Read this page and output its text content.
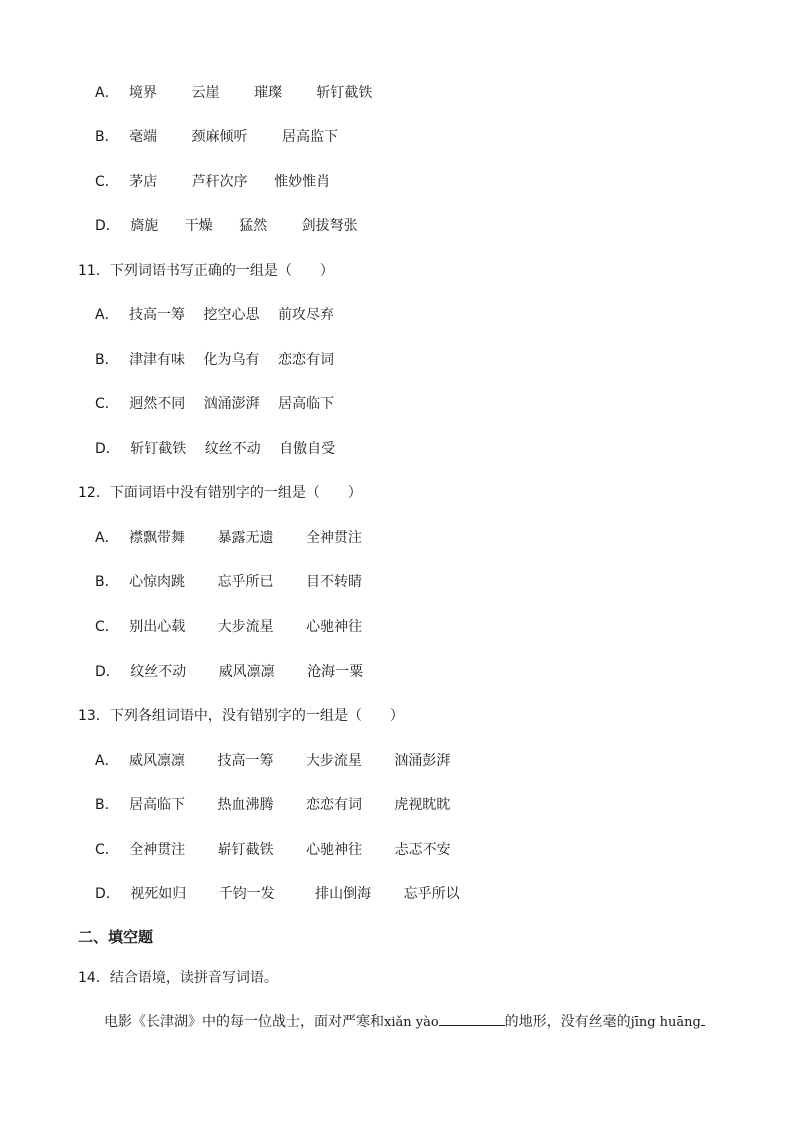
A． 境界 云崖 璀璨 斩钉截铁
B． 毫端 颈麻倾听 居高监下
C． 茅店 芦秆次序 惟妙惟肖
D． 旖旎 干燥 猛然 剑拔弩张
11．下列词语书写正确的一组是（　　）
A． 技高一筹 挖空心思 前攻尽弃
B． 津津有味 化为乌有 恋恋有词
C． 迥然不同 汹涌澎湃 居高临下
D． 斩钉截铁 纹丝不动 自傲自受
12．下面词语中没有错别字的一组是（　　）
A． 襟飘带舞 暴露无遗 全神贯注
B． 心惊肉跳 忘乎所已 目不转睛
C． 别出心载 大步流星 心驰神往
D． 纹丝不动 威风凛凛 沧海一粟
13．下列各组词语中，没有错别字的一组是（　　）
A． 威风凛凛 技高一筹 大步流星 汹涌彭湃
B． 居高临下 热血沸腾 恋恋有词 虎视眈眈
C． 全神贯注 崭钉截铁 心驰神往 忐忑不安
D． 视死如归 千钧一发	排山倒海 忘乎所以
二、填空题
14．结合语境，读拼音写词语。
电影《长津湖》中的每一位战士，面对严寒和xiǎn yào	的地形，没有丝毫的jīng huāng
